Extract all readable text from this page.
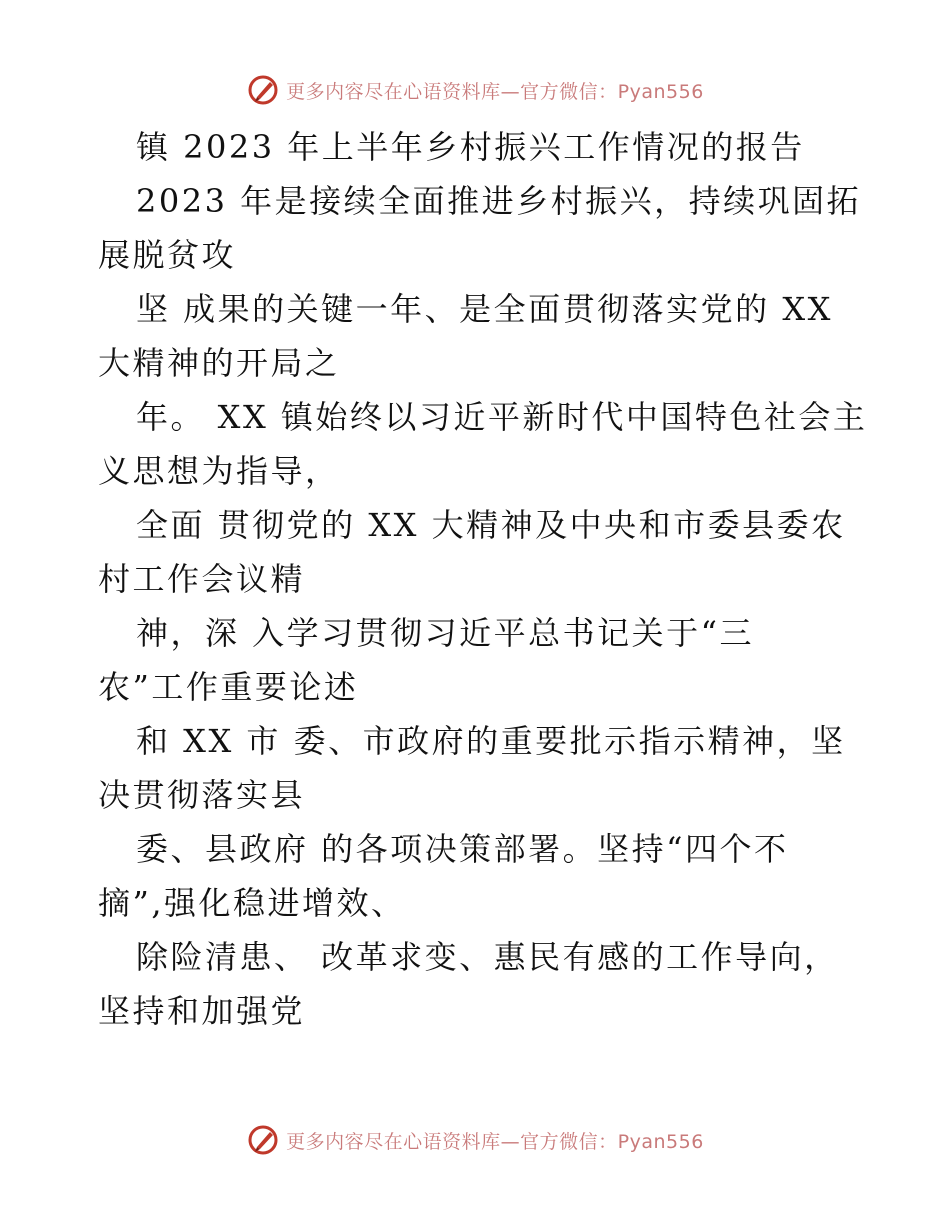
更多内容尽在心语资料库—官方微信：Pyan556
镇 2023 年上半年乡村振兴工作情况的报告
2023 年是接续全面推进乡村振兴，持续巩固拓
展脱贫攻
坚 成果的关键一年、是全面贯彻落实党的 XX
大精神的开局之
年。 XX 镇始终以习近平新时代中国特色社会主
义思想为指导，
全面 贯彻党的 XX 大精神及中央和市委县委农
村工作会议精
神，深 入学习贯彻习近平总书记关于“三
农”工作重要论述
和 XX 市 委、市政府的重要批示指示精神，坚
决贯彻落实县
委、县政府 的各项决策部署。坚持“四个不
摘”,强化稳进增效、
除险清患、 改革求变、惠民有感的工作导向，
坚持和加强党
更多内容尽在心语资料库—官方微信：Pyan556
